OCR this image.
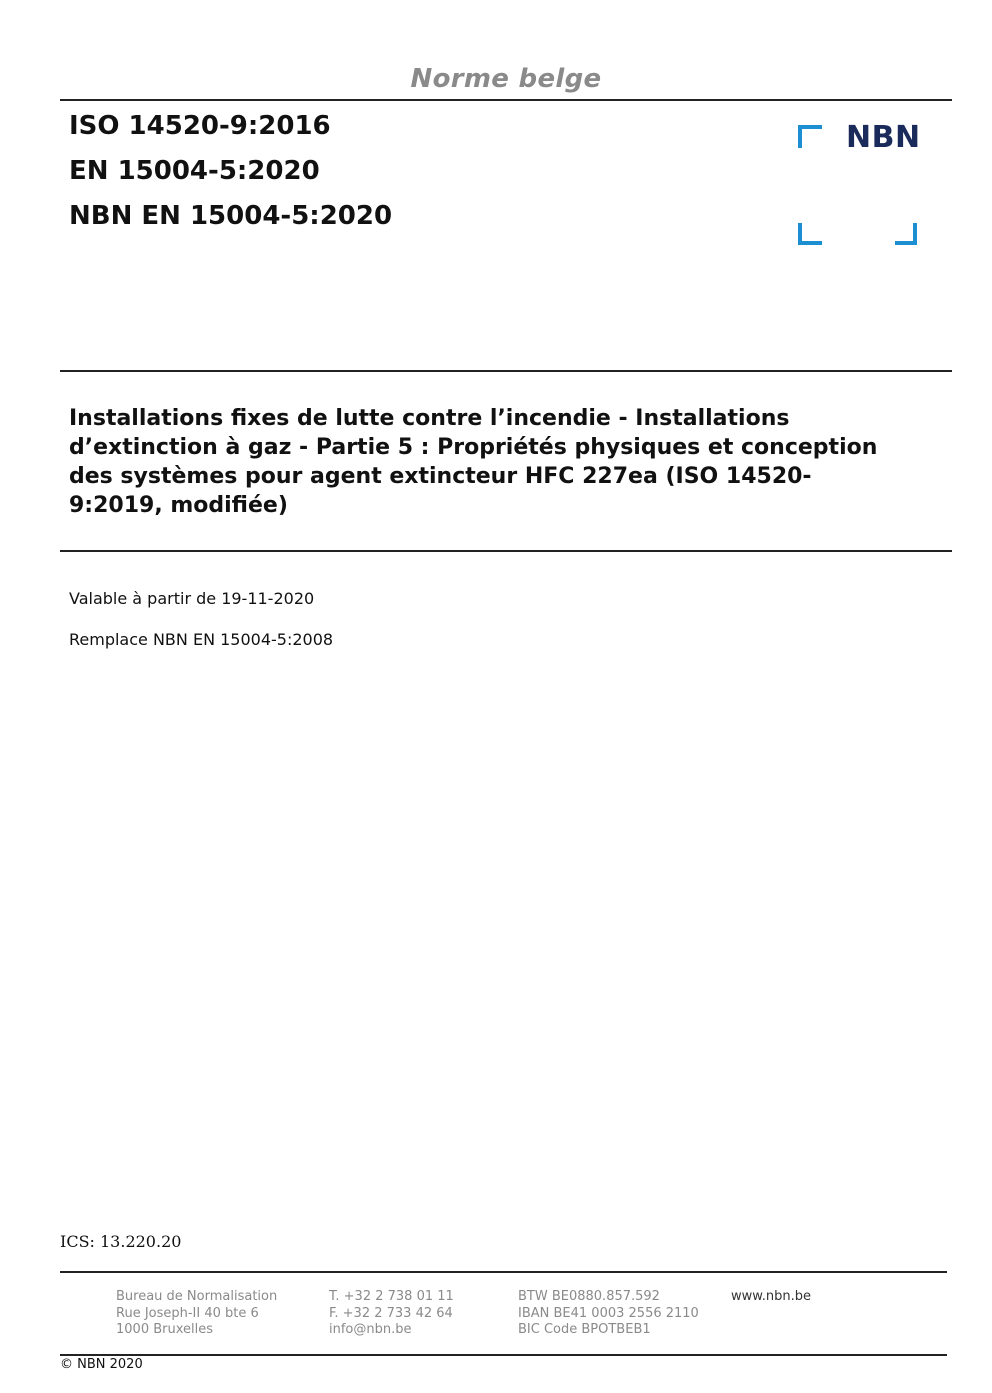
Norme belge
ISO 14520-9:2016
EN 15004-5:2020
NBN EN 15004-5:2020
NBN
Installations fixes de lutte contre l’incendie - Installations
d’extinction à gaz - Partie 5 : Propriétés physiques et conception
des systèmes pour agent extincteur HFC 227ea (ISO 14520-
9:2019, modifiée)
Valable à partir de 19-11-2020
Remplace NBN EN 15004-5:2008
ICS: 13.220.20
Bureau de Normalisation
Rue Joseph-II 40 bte 6
1000 Bruxelles
T. +32 2 738 01 11
F. +32 2 733 42 64
info@nbn.be
BTW BE0880.857.592
IBAN BE41 0003 2556 2110
BIC Code BPOTBEB1
www.nbn.be
© NBN 2020
